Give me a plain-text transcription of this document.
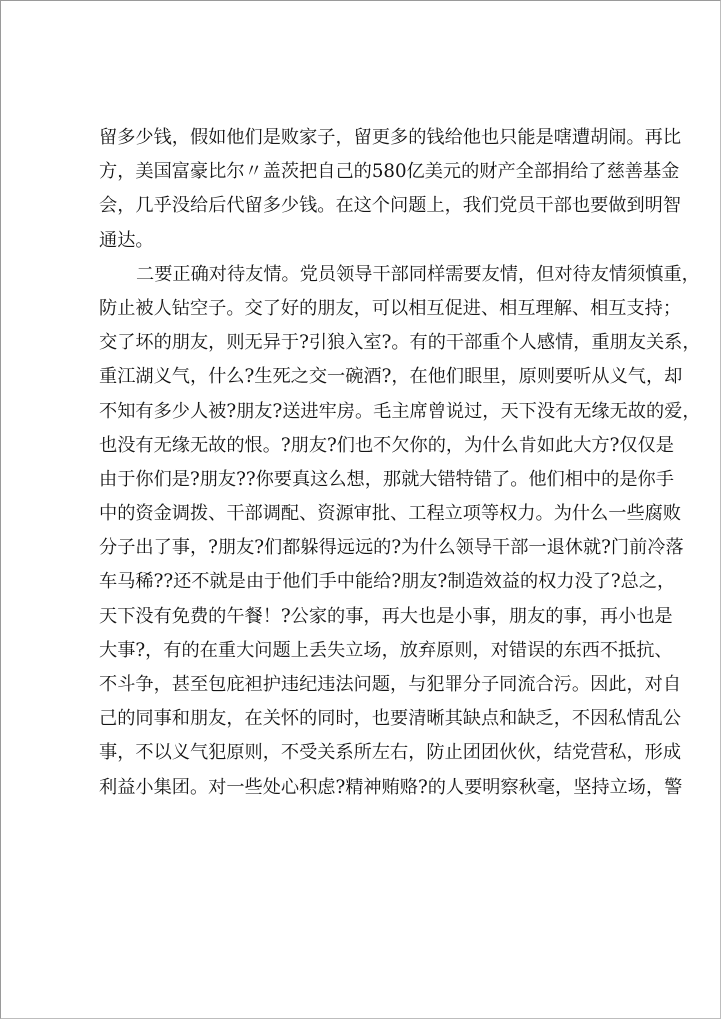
留多少钱，假如他们是败家子，留更多的钱给他也只能是嗐遭胡闹。再比
方，美国富豪比尔〃盖茨把自己的580亿美元的财产全部捐给了慈善基金
会，几乎没给后代留多少钱。在这个问题上，我们党员干部也要做到明智
通达。

二要正确对待友情。党员领导干部同样需要友情，但对待友情须慎重，
防止被人钻空子。交了好的朋友，可以相互促进、相互理解、相互支持；
交了坏的朋友，则无异于?引狼入室?。有的干部重个人感情，重朋友关系，
重江湖义气，什么?生死之交一碗酒?，在他们眼里，原则要听从义气，却
不知有多少人被?朋友?送进牢房。毛主席曾说过，天下没有无缘无故的爱，
也没有无缘无故的恨。?朋友?们也不欠你的，为什么肯如此大方?仅仅是
由于你们是?朋友??你要真这么想，那就大错特错了。他们相中的是你手
中的资金调拨、干部调配、资源审批、工程立项等权力。为什么一些腐败
分子出了事，?朋友?们都躲得远远的?为什么领导干部一退休就?门前冷落
车马稀??还不就是由于他们手中能给?朋友?制造效益的权力没了?总之，
天下没有免费的午餐！?公家的事，再大也是小事，朋友的事，再小也是
大事?，有的在重大问题上丢失立场，放弃原则，对错误的东西不抵抗、
不斗争，甚至包庇袒护违纪违法问题，与犯罪分子同流合污。因此，对自
己的同事和朋友，在关怀的同时，也要清晰其缺点和缺乏，不因私情乱公
事，不以义气犯原则，不受关系所左右，防止团团伙伙，结党营私，形成
利益小集团。对一些处心积虑?精神贿赂?的人要明察秋毫，坚持立场，警
